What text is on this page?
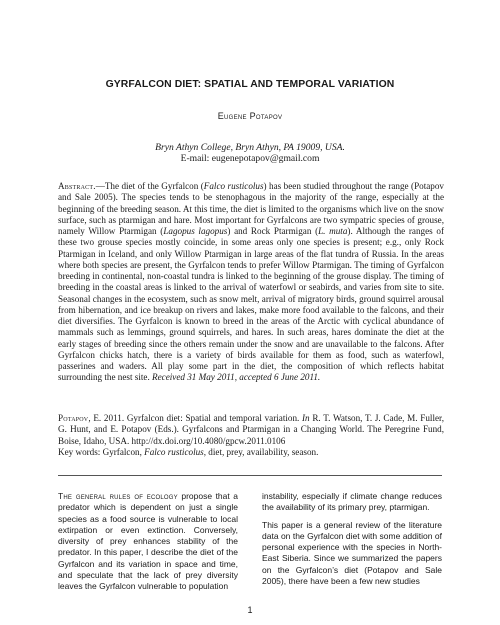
GYRFALCON DIET: SPATIAL AND TEMPORAL VARIATION
Eugene Potapov
Bryn Athyn College, Bryn Athyn, PA 19009, USA.
E-mail: eugenepotapov@gmail.com

Abstract.—The diet of the Gyrfalcon (Falco rusticolus) has been studied throughout the range (Potapov and Sale 2005). The species tends to be stenophagous in the majority of the range, especially at the beginning of the breeding season. At this time, the diet is limited to the organisms which live on the snow surface, such as ptarmigan and hare. Most important for Gyrfalcons are two sympatric species of grouse, namely Willow Ptarmigan (Lagopus lagopus) and Rock Ptarmigan (L. muta). Although the ranges of these two grouse species mostly coincide, in some areas only one species is present; e.g., only Rock Ptarmigan in Iceland, and only Willow Ptarmigan in large areas of the flat tundra of Russia. In the areas where both species are present, the Gyrfalcon tends to prefer Willow Ptarmigan. The timing of Gyrfalcon breeding in continental, non-coastal tundra is linked to the beginning of the grouse display. The timing of breeding in the coastal areas is linked to the arrival of waterfowl or seabirds, and varies from site to site. Seasonal changes in the ecosystem, such as snow melt, arrival of migratory birds, ground squirrel arousal from hibernation, and ice breakup on rivers and lakes, make more food available to the falcons, and their diet diversifies. The Gyrfalcon is known to breed in the areas of the Arctic with cyclical abundance of mammals such as lemmings, ground squirrels, and hares. In such areas, hares dominate the diet at the early stages of breeding since the others remain under the snow and are unavailable to the falcons. After Gyrfalcon chicks hatch, there is a variety of birds available for them as food, such as waterfowl, passerines and waders. All play some part in the diet, the composition of which reflects habitat surrounding the nest site. Received 31 May 2011, accepted 6 June 2011.

Potapov, E. 2011. Gyrfalcon diet: Spatial and temporal variation. In R. T. Watson, T. J. Cade, M. Fuller, G. Hunt, and E. Potapov (Eds.). Gyrfalcons and Ptarmigan in a Changing World. The Peregrine Fund, Boise, Idaho, USA. http://dx.doi.org/10.4080/gpcw.2011.0106

Key words: Gyrfalcon, Falco rusticolus, diet, prey, availability, season.

The general rules of ecology propose that a predator which is dependent on just a single species as a food source is vulnerable to local extirpation or even extinction. Conversely, diversity of prey enhances stability of the predator. In this paper, I describe the diet of the Gyrfalcon and its variation in space and time, and speculate that the lack of prey diversity leaves the Gyrfalcon vulnerable to population

instability, especially if climate change reduces the availability of its primary prey, ptarmigan.

This paper is a general review of the literature data on the Gyrfalcon diet with some addition of personal experience with the species in North-East Siberia. Since we summarized the papers on the Gyrfalcon’s diet (Potapov and Sale 2005), there have been a few new studies

1
